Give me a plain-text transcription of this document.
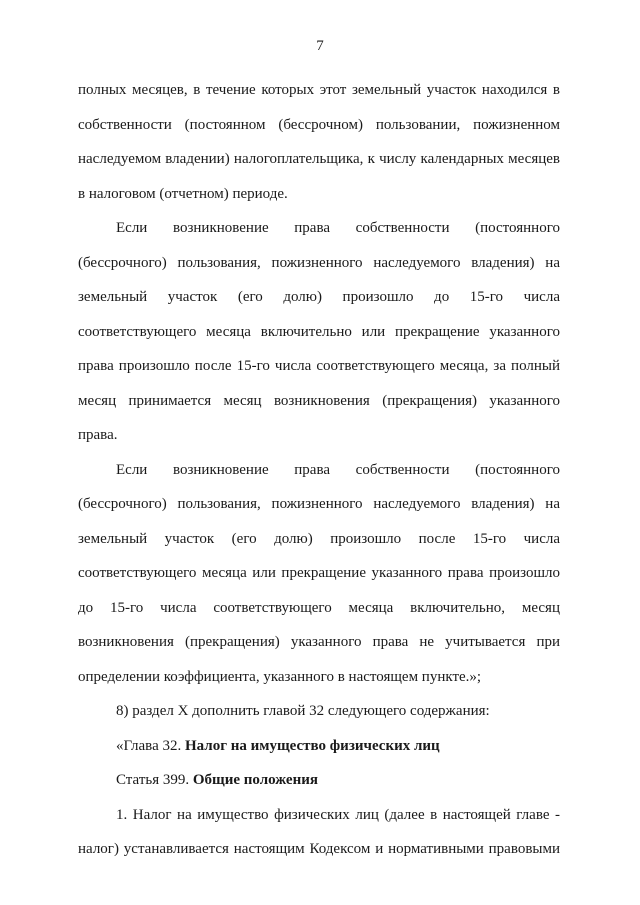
7

полных месяцев, в течение которых этот земельный участок находился в собственности (постоянном (бессрочном) пользовании, пожизненном наследуемом владении) налогоплательщика, к числу календарных месяцев в налоговом (отчетном) периоде.

Если возникновение права собственности (постоянного (бессрочного) пользования, пожизненного наследуемого владения) на земельный участок (его долю) произошло до 15-го числа соответствующего месяца включительно или прекращение указанного права произошло после 15-го числа соответствующего месяца, за полный месяц принимается месяц возникновения (прекращения) указанного права.

Если возникновение права собственности (постоянного (бессрочного) пользования, пожизненного наследуемого владения) на земельный участок (его долю) произошло после 15-го числа соответствующего месяца или прекращение указанного права произошло до 15-го числа соответствующего месяца включительно, месяц возникновения (прекращения) указанного права не учитывается при определении коэффициента, указанного в настоящем пункте.»;

8) раздел X дополнить главой 32 следующего содержания:

«Глава 32. Налог на имущество физических лиц

Статья 399. Общие положения

1. Налог на имущество физических лиц (далее в настоящей главе - налог) устанавливается настоящим Кодексом и нормативными правовыми
